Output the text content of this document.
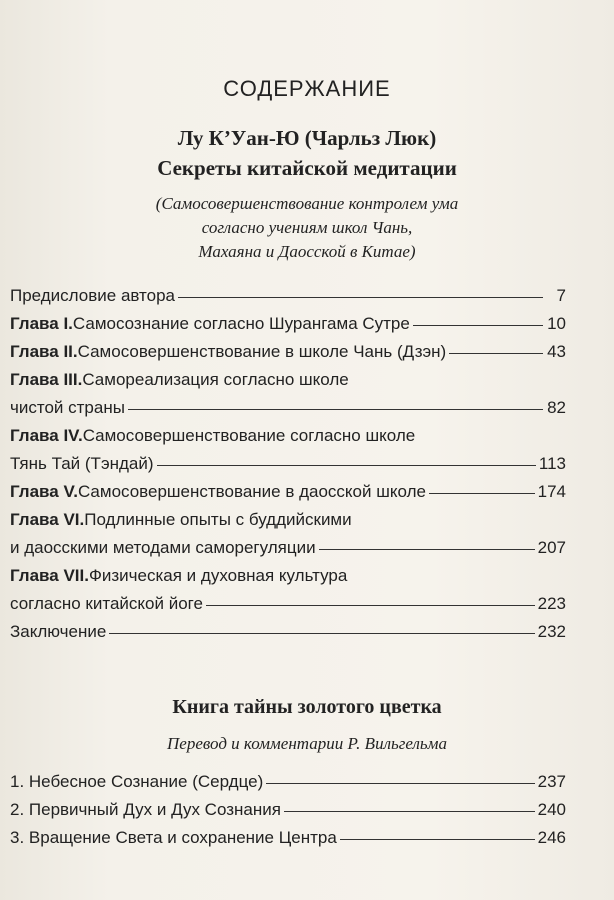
СОДЕРЖАНИЕ
Лу К’Уан-Ю (Чарльз Люк)
Секреты китайской медитации
(Самосовершенствование контролем ума
согласно учениям школ Чань,
Махаяна и Даосской в Китае)
Предисловие автора	7
Глава I. Самосознание согласно Шурангама Сутре	10
Глава II. Самосовершенствование в школе Чань (Дзэн)	43
Глава III. Самореализация согласно школе
чистой страны	82
Глава IV. Самосовершенствование согласно школе
Тянь Тай (Тэндай)	113
Глава V. Самосовершенствование в даосской школе	174
Глава VI. Подлинные опыты с буддийскими
и даосскими методами саморегуляции	207
Глава VII. Физическая и духовная культура
согласно китайской йоге	223
Заключение	232
Книга тайны золотого цветка
Перевод и комментарии Р. Вильгельма
1. Небесное Сознание (Сердце)	237
2. Первичный Дух и Дух Сознания	240
3. Вращение Света и сохранение Центра	246
